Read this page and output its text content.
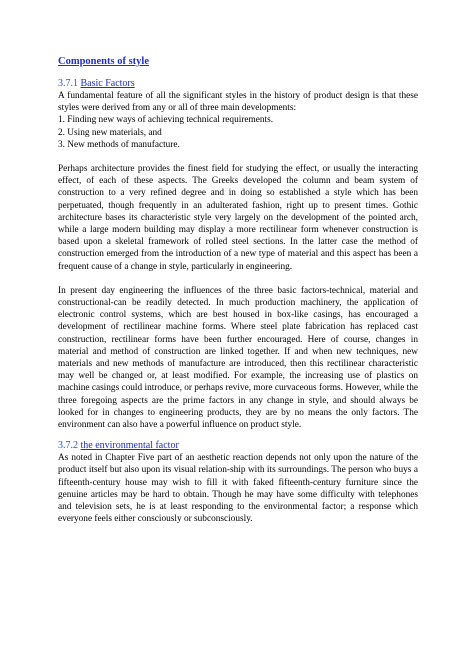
Components of style
3.7.1 Basic Factors

A fundamental feature of all the significant styles in the history of product design is that these styles were derived from any or all of three main developments:

1. Finding new ways of achieving technical requirements.
2. Using new materials, and
3. New methods of manufacture.

Perhaps architecture provides the finest field for studying the effect, or usually the interacting effect, of each of these aspects. The Greeks developed the column and beam system of construction to a very refined degree and in doing so established a style which has been perpetuated, though frequently in an adulterated fashion, right up to present times. Gothic architecture bases its characteristic style very largely on the development of the pointed arch, while a large modern building may display a more rectilinear form whenever construction is based upon a skeletal framework of rolled steel sections. In the latter case the method of construction emerged from the introduction of a new type of material and this aspect has been a frequent cause of a change in style, particularly in engineering.

In present day engineering the influences of the three basic factors-technical, material and constructional-can be readily detected. In much production machinery, the application of electronic control systems, which are best housed in box-like casings, has encouraged a development of rectilinear machine forms. Where steel plate fabrication has replaced cast construction, rectilinear forms have been further encouraged. Here of course, changes in material and method of construction are linked together. If and when new techniques, new materials and new methods of manufacture are introduced, then this rectilinear characteristic may well be changed or, at least modified. For example, the increasing use of plastics on machine casings could introduce, or perhaps revive, more curvaceous forms. However, while the three foregoing aspects are the prime factors in any change in style, and should always be looked for in changes to engineering products, they are by no means the only factors. The environment can also have a powerful influence on product style.

3.7.2 the environmental factor

As noted in Chapter Five part of an aesthetic reaction depends not only upon the nature of the product itself but also upon its visual relation-ship with its surroundings. The person who buys a fifteenth-century house may wish to fill it with faked fifteenth-century furniture since the genuine articles may be hard to obtain. Though he may have some difficulty with telephones and television sets, he is at least responding to the environmental factor; a response which everyone feels either consciously or subconsciously.
